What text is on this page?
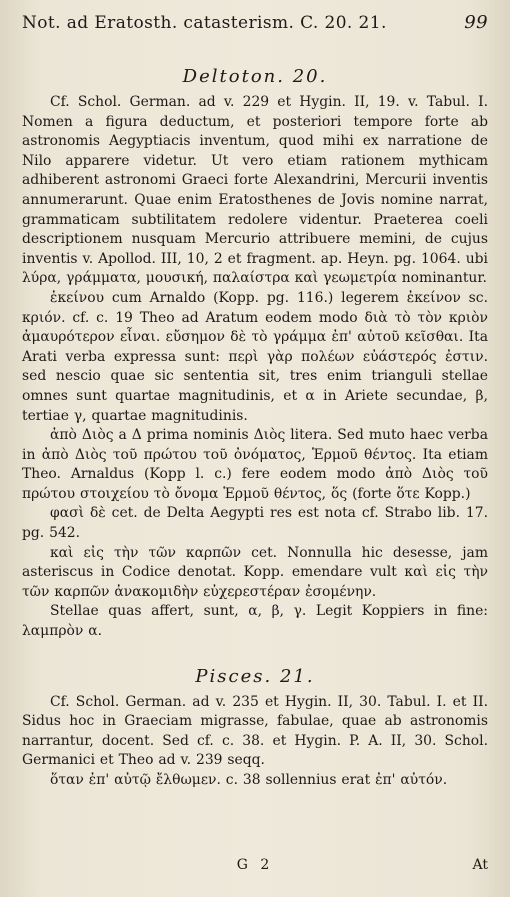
Not. ad Eratosth. catasterism. C. 20. 21.	99
Deltoton. 20.

Cf. Schol. German. ad v. 229 et Hygin. II, 19. v. Tabul. I. Nomen a figura deductum, et posteriori tempore forte ab astronomis Aegyptiacis inventum, quod mihi ex narratione de Nilo apparere videtur. Ut vero etiam rationem mythicam adhiberent astronomi Graeci forte Alexandrini, Mercurii inventis annumerarunt. Quae enim Eratosthenes de Jovis nomine narrat, grammaticam subtilitatem redolere videntur. Praeterea coeli descriptionem nusquam Mercurio attribuere memini, de cujus inventis v. Apollod. III, 10, 2 et fragment. ap. Heyn. pg. 1064. ubi λύρα, γράμματα, μουσική, παλαίστρα καὶ γεωμετρία nominantur.

ἐκείνου cum Arnaldo (Kopp. pg. 116.) legerem ἐκείνον sc. κριόν. cf. c. 19 Theo ad Aratum eodem modo διὰ τὸ τὸν κριὸν ἀμαυρότερον εἶναι. εὔσημον δὲ τὸ γράμμα ἐπ' αὐτοῦ κεῖσθαι. Ita Arati verba expressa sunt: περὶ γὰρ πολέων εὐάστερός ἐστιν. sed nescio quae sic sententia sit, tres enim trianguli stellae omnes sunt quartae magnitudinis, et α in Ariete secundae, β, tertiae γ, quartae magnitudinis.

ἀπὸ Διὸς a Δ prima nominis Διὸς litera. Sed muto haec verba in ἀπὸ Διὸς τοῦ πρώτου τοῦ ὀνόματος, Ἑρμοῦ θέντος. Ita etiam Theo. Arnaldus (Kopp l. c.) fere eodem modo ἀπὸ Διὸς τοῦ πρώτου στοιχείου τὸ ὄνομα Ἑρμοῦ θέντος, ὅς (forte ὅτε Kopp.)

φασὶ δὲ cet. de Delta Aegypti res est nota cf. Strabo lib. 17. pg. 542.

καὶ εἰς τὴν τῶν καρπῶν cet. Nonnulla hic desesse, jam asteriscus in Codice denotat. Kopp. emendare vult καὶ εἰς τὴν τῶν καρπῶν ἀνακομιδὴν εὐχερεστέραν ἐσομένην.

Stellae quas affert, sunt, α, β, γ. Legit Koppiers in fine: λαμπρὸν α.

Pisces. 21.

Cf. Schol. German. ad v. 235 et Hygin. II, 30. Tabul. I. et II. Sidus hoc in Graeciam migrasse, fabulae, quae ab astronomis narrantur, docent. Sed cf. c. 38. et Hygin. P. A. II, 30. Schol. Germanici et Theo ad v. 239 seqq.

ὅταν ἐπ' αὐτῷ ἔλθωμεν. c. 38 sollennius erat ἐπ' αὐτόν.

G 2	At
